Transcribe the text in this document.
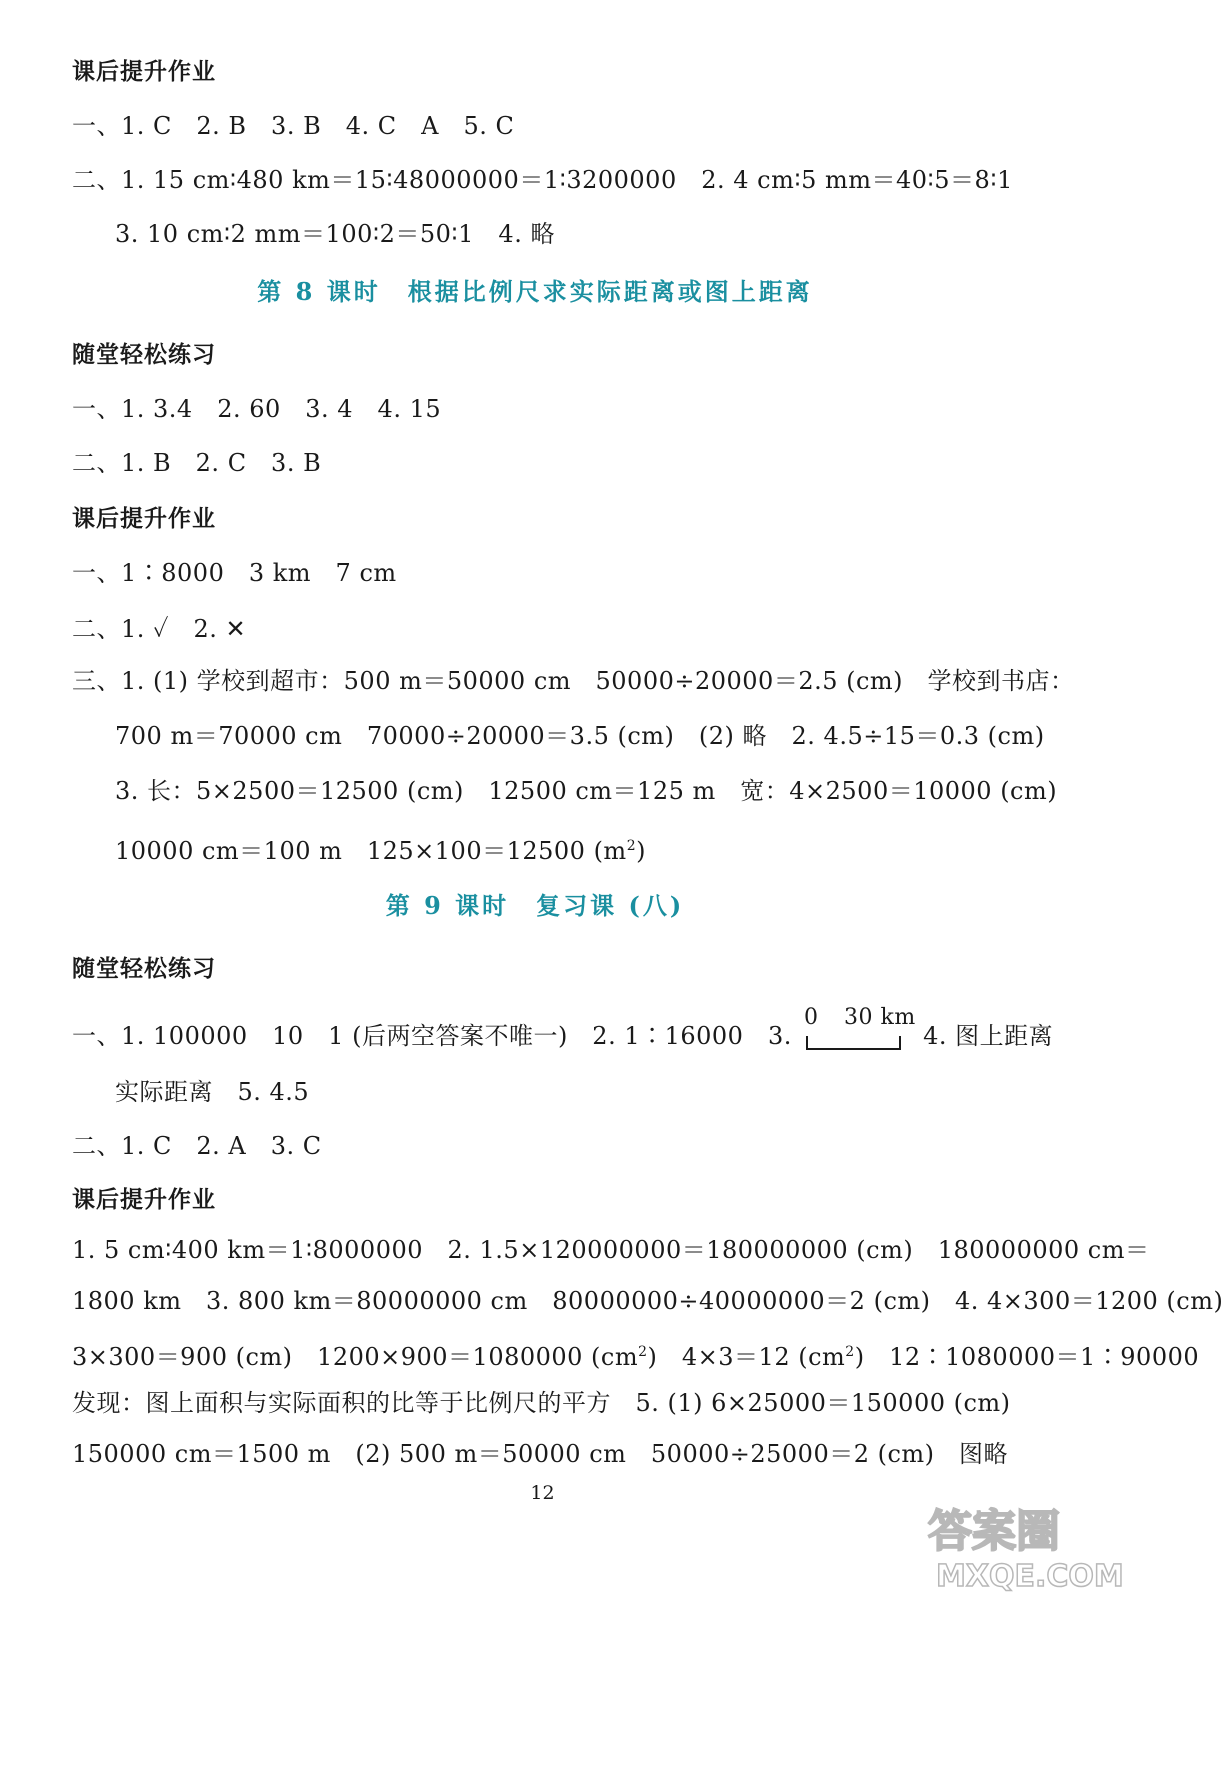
课后提升作业
一、1. C　2. B　3. B　4. C　A　5. C
二、1. 15 cm∶480 km＝15∶48000000＝1∶3200000　2. 4 cm∶5 mm＝40∶5＝8∶1
3. 10 cm∶2 mm＝100∶2＝50∶1　4. 略
第 8 课时　根据比例尺求实际距离或图上距离
随堂轻松练习
一、1. 3.4　2. 60　3. 4　4. 15
二、1. B　2. C　3. B
课后提升作业
一、1∶8000　3 km　7 cm
二、1. ✓　2. ✕
三、1. (1) 学校到超市：500 m＝50000 cm　50000÷20000＝2.5 (cm)　学校到书店：
700 m＝70000 cm　70000÷20000＝3.5 (cm)　(2) 略　2. 4.5÷15＝0.3 (cm)
3. 长：5×2500＝12500 (cm)　12500 cm＝125 m　宽：4×2500＝10000 (cm)
10000 cm＝100 m　125×100＝12500 $(m^2)$
第 9 课时　复习课 (八)
随堂轻松练习
一、1. 100000　10　1 (后两空答案不唯一)　2. 1∶16000　3.
0 30 km
4. 图上距离
实际距离　5. 4.5
二、1. C　2. A　3. C
课后提升作业
1. 5 cm∶400 km＝1∶8000000　2. 1.5×120000000＝180000000 (cm)　180000000 cm＝
1800 km　3. 800 km＝80000000 cm　80000000÷40000000＝2 (cm)　4. 4×300＝1200 (cm)
3×300＝900 (cm)　1200×900＝1080000 $(cm^2)$　4×3＝12 $(cm^2)$　12∶1080000＝1∶90000
发现：图上面积与实际面积的比等于比例尺的平方　5. (1) 6×25000＝150000 (cm)
150000 cm＝1500 m　(2) 500 m＝50000 cm　50000÷25000＝2 (cm)　图略
12
答案圈
MXQE.COM
